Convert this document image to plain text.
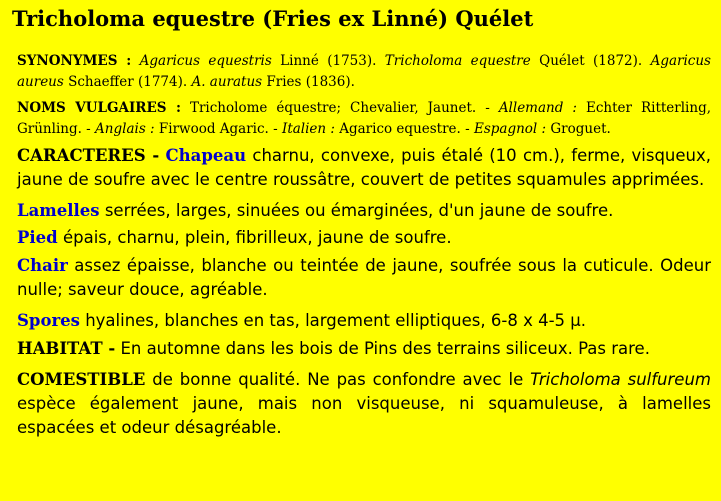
Tricholoma equestre (Fries ex Linné) Quélet

SYNONYMES : Agaricus equestris Linné (1753). Tricholoma equestre Quélet (1872). Agaricus aureus Schaeffer (1774). A. auratus Fries (1836).

NOMS VULGAIRES : Tricholome équestre; Chevalier, Jaunet. - Allemand : Echter Ritterling, Grünling. - Anglais : Firwood Agaric. - Italien : Agarico equestre. - Espagnol : Groguet.

CARACTERES - Chapeau charnu, convexe, puis étalé (10 cm.), ferme, visqueux, jaune de soufre avec le centre roussâtre, couvert de petites squamules apprimées.

Lamelles serrées, larges, sinuées ou émarginées, d'un jaune de soufre.

Pied épais, charnu, plein, fibrilleux, jaune de soufre.

Chair assez épaisse, blanche ou teintée de jaune, soufrée sous la cuticule. Odeur nulle; saveur douce, agréable.

Spores hyalines, blanches en tas, largement elliptiques, 6-8 x 4-5 µ.

HABITAT - En automne dans les bois de Pins des terrains siliceux. Pas rare.

COMESTIBLE de bonne qualité. Ne pas confondre avec le Tricholoma sulfureum espèce également jaune, mais non visqueuse, ni squamuleuse, à lamelles espacées et odeur désagréable.
